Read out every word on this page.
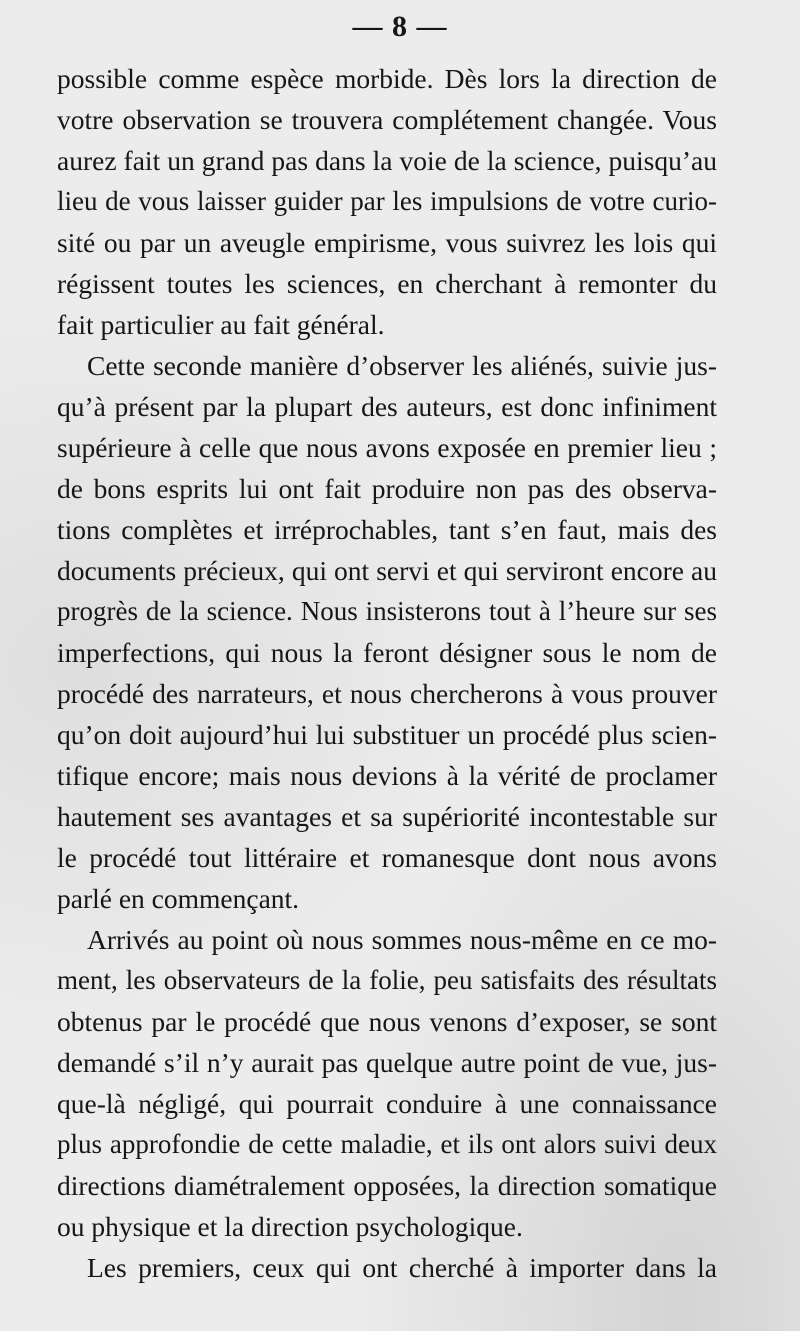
— 8 —
possible comme espèce morbide. Dès lors la direction de
votre observation se trouvera complétement changée. Vous
aurez fait un grand pas dans la voie de la science, puisqu’au
lieu de vous laisser guider par les impulsions de votre curio-
sité ou par un aveugle empirisme, vous suivrez les lois qui
régissent toutes les sciences, en cherchant à remonter du
fait particulier au fait général.
Cette seconde manière d’observer les aliénés, suivie jus-
qu’à présent par la plupart des auteurs, est donc infiniment
supérieure à celle que nous avons exposée en premier lieu ;
de bons esprits lui ont fait produire non pas des observa-
tions complètes et irréprochables, tant s’en faut, mais des
documents précieux, qui ont servi et qui serviront encore au
progrès de la science. Nous insisterons tout à l’heure sur ses
imperfections, qui nous la feront désigner sous le nom de
procédé des narrateurs, et nous chercherons à vous prouver
qu’on doit aujourd’hui lui substituer un procédé plus scien-
tifique encore; mais nous devions à la vérité de proclamer
hautement ses avantages et sa supériorité incontestable sur
le procédé tout littéraire et romanesque dont nous avons
parlé en commençant.
Arrivés au point où nous sommes nous-même en ce mo-
ment, les observateurs de la folie, peu satisfaits des résultats
obtenus par le procédé que nous venons d’exposer, se sont
demandé s’il n’y aurait pas quelque autre point de vue, jus-
que-là négligé, qui pourrait conduire à une connaissance
plus approfondie de cette maladie, et ils ont alors suivi deux
directions diamétralement opposées, la direction somatique
ou physique et la direction psychologique.
Les premiers, ceux qui ont cherché à importer dans la
